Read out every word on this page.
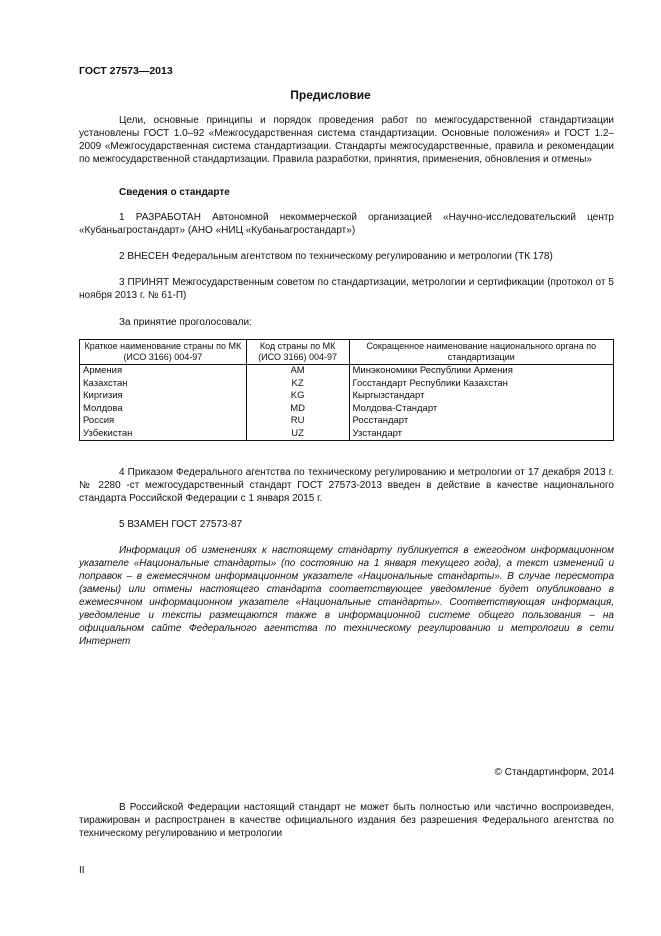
ГОСТ 27573—2013
Предисловие
Цели, основные принципы и порядок проведения работ по межгосударственной стандартизации установлены ГОСТ 1.0–92 «Межгосударственная система стандартизации. Основные положения» и ГОСТ 1.2–2009 «Межгосударственная система стандартизации. Стандарты межгосударственные, правила и рекомендации по межгосударственной стандартизации. Правила разработки, принятия, применения, обновления и отмены»
Сведения о стандарте
1 РАЗРАБОТАН Автономной некоммерческой организацией «Научно-исследовательский центр «Кубаньагростандарт» (АНО «НИЦ «Кубаньагростандарт»)
2 ВНЕСЕН Федеральным агентством по техническому регулированию и метрологии (ТК 178)
3 ПРИНЯТ Межгосударственным советом по стандартизации, метрологии и сертификации (протокол от 5 ноября 2013 г. № 61-П)
За принятие проголосовали:
Краткое наименование страны по МК (ИСО 3166) 004-97	Код страны по МК (ИСО 3166) 004-97	Сокращенное наименование национального органа по стандартизации
Армения	AM	Минэкономики Республики Армения
Казахстан	KZ	Госстандарт Республики Казахстан
Киргизия	KG	Кыргызстандарт
Молдова	MD	Молдова-Стандарт
Россия	RU	Росстандарт
Узбекистан	UZ	Узстандарт
4 Приказом Федерального агентства по техническому регулированию и метрологии от 17 декабря 2013 г. № 2280 -ст межгосударственный стандарт ГОСТ 27573-2013 введен в действие в качестве национального стандарта Российской Федерации с 1 января 2015 г.
5 ВЗАМЕН ГОСТ 27573-87
Информация об изменениях к настоящему стандарту публикуется в ежегодном информационном указателе «Национальные стандарты» (по состоянию на 1 января текущего года), а текст изменений и поправок – в ежемесячном информационном указателе «Национальные стандарты». В случае пересмотра (замены) или отмены настоящего стандарта соответствующее уведомление будет опубликовано в ежемесячном информационном указателе «Национальные стандарты». Соответствующая информация, уведомление и тексты размещаются также в информационной системе общего пользования – на официальном сайте Федерального агентства по техническому регулированию и метрологии в сети Интернет
© Стандартинформ, 2014
В Российской Федерации настоящий стандарт не может быть полностью или частично воспроизведен, тиражирован и распространен в качестве официального издания без разрешения Федерального агентства по техническому регулированию и метрологии
II
